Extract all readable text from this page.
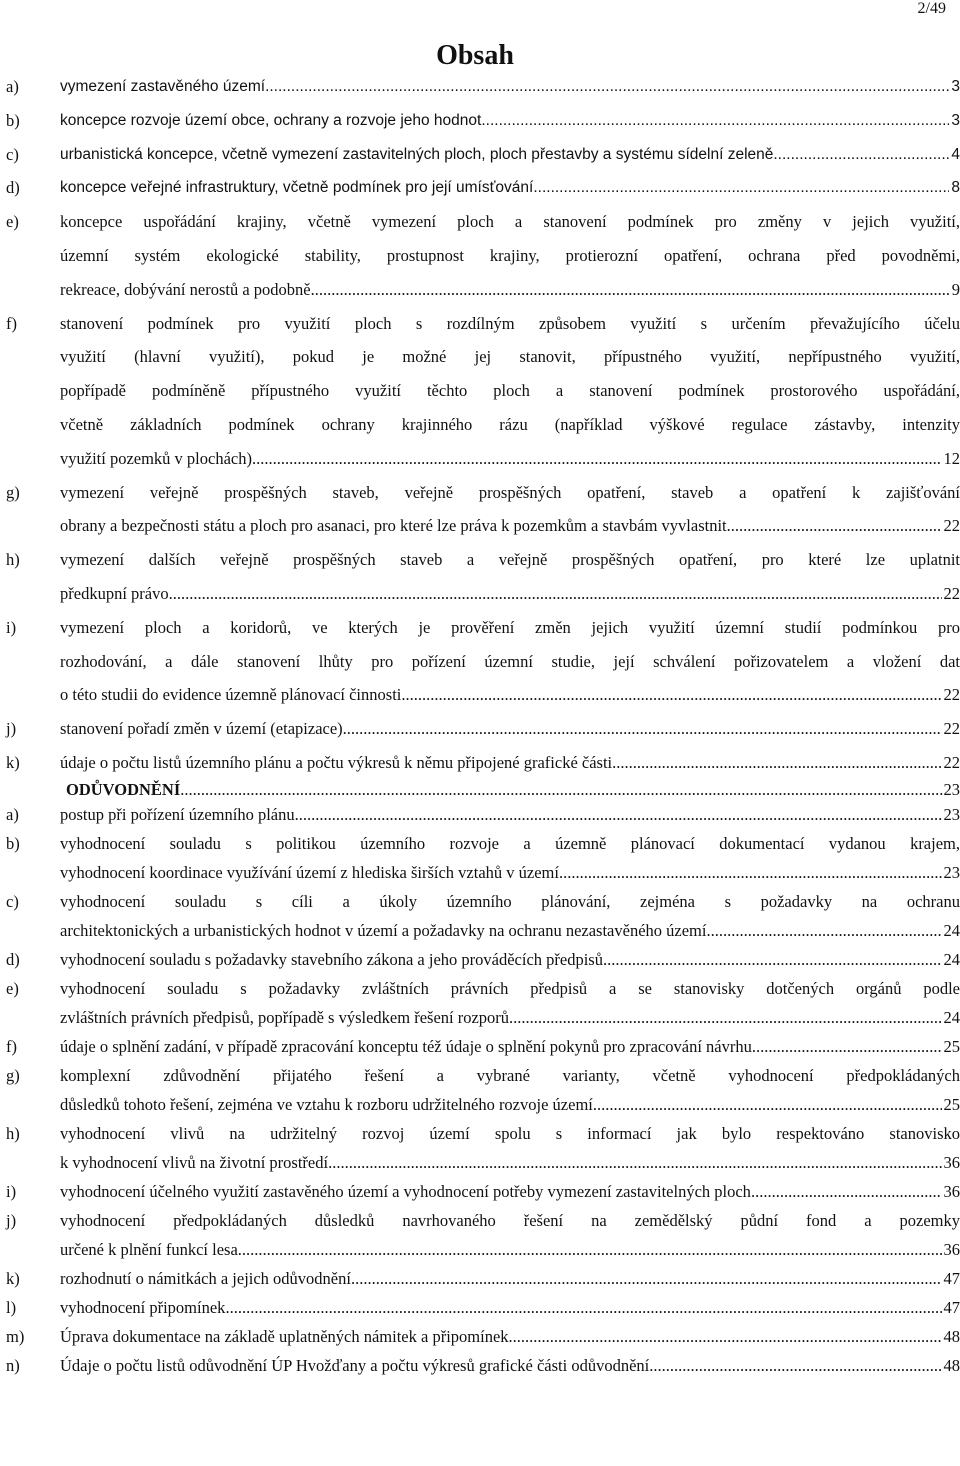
2/49
Obsah
a)	vymezení zastavěného území .....	3
b)	koncepce rozvoje území obce, ochrany a rozvoje jeho hodnot .....	3
c)	urbanistická koncepce, včetně vymezení zastavitelných ploch, ploch přestavby a systému sídelní zeleně .....	4
d)	koncepce veřejné infrastruktury, včetně podmínek pro její umísťování .....	8
e) koncepce uspořádání krajiny, včetně vymezení ploch a stanovení podmínek pro změny v jejich využití,
územní systém ekologické stability, prostupnost krajiny, protierozní opatření, ochrana před povodněmi,
rekreace, dobývání nerostů a podobně .....	9
f)	stanovení podmínek pro využití ploch s rozdílným způsobem využití s určením převažujícího účelu
využití (hlavní využití), pokud je možné jej stanovit, přípustného využití, nepřípustného využití,
popřípadě podmíněně přípustného využití těchto ploch a stanovení podmínek prostorového uspořádání,
včetně základních podmínek ochrany krajinného rázu (například výškové regulace zástavby, intenzity
využití pozemků v plochách) .....	12
g) vymezení veřejně prospěšných staveb, veřejně prospěšných opatření, staveb a opatření k zajišťování
obrany a bezpečnosti státu a ploch pro asanaci, pro které lze práva k pozemkům a stavbám vyvlastnit .....	22
h) vymezení dalších veřejně prospěšných staveb a veřejně prospěšných opatření, pro které lze uplatnit
předkupní právo .....	22
i)	vymezení ploch a koridorů, ve kterých je prověření změn jejich využití územní studií podmínkou pro
rozhodování, a dále stanovení lhůty pro pořízení územní studie, její schválení pořizovatelem a vložení dat
o této studii do evidence územně plánovací činnosti .....	22
j)	stanovení pořadí změn v území (etapizace) .....	22
k) údaje o počtu listů územního plánu a počtu výkresů k němu připojené grafické části .....	22
ODŮVODNĚNÍ .....	23
a) postup při pořízení územního plánu .....	23
b) vyhodnocení souladu s politikou územního rozvoje a územně plánovací dokumentací vydanou krajem,
vyhodnocení koordinace využívání území z hlediska širších vztahů v území .....	23
c) vyhodnocení souladu s cíli a úkoly územního plánování, zejména s požadavky na ochranu
architektonických a urbanistických hodnot v území a požadavky na ochranu nezastavěného území .....	24
d) vyhodnocení souladu s požadavky stavebního zákona a jeho prováděcích předpisů .....	24
e) vyhodnocení souladu s požadavky zvláštních právních předpisů a se stanovisky dotčených orgánů podle
zvláštních právních předpisů, popřípadě s výsledkem řešení rozporů .....	24
f)	údaje o splnění zadání, v případě zpracování konceptu též údaje o splnění pokynů pro zpracování návrhu .....	25
g) komplexní zdůvodnění přijatého řešení a vybrané varianty, včetně vyhodnocení předpokládaných
důsledků tohoto řešení, zejména ve vztahu k rozboru udržitelného rozvoje území .....	25
h) vyhodnocení vlivů na udržitelný rozvoj území spolu s informací jak bylo respektováno stanovisko
k vyhodnocení vlivů na životní prostředí .....	36
i)	vyhodnocení účelného využití zastavěného území a vyhodnocení potřeby vymezení zastavitelných ploch .....	36
j)	vyhodnocení předpokládaných důsledků navrhovaného řešení na zemědělský půdní fond a pozemky
určené k plnění funkcí lesa .....	36
k) rozhodnutí o námitkách a jejich odůvodnění .....	47
l)	vyhodnocení připomínek .....	47
m) Úprava dokumentace na základě uplatněných námitek a připomínek .....	48
n) Údaje o počtu listů odůvodnění ÚP Hvožďany a počtu výkresů grafické části odůvodnění .....	48
